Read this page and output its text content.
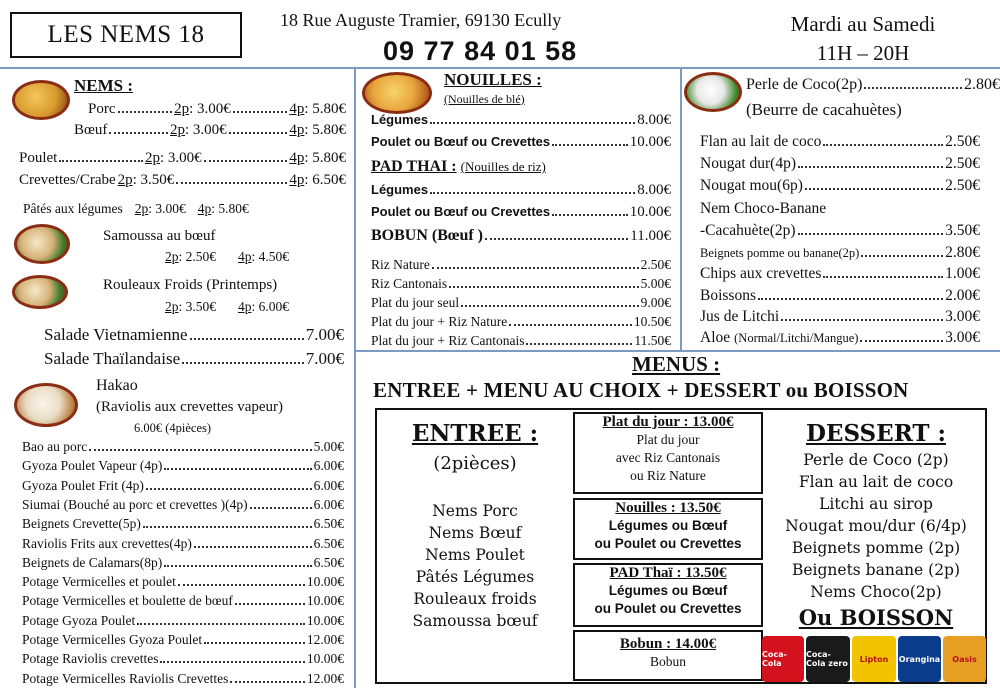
LES NEMS 18
18 Rue Auguste Tramier, 69130 Ecully
09 77 84 01 58
Mardi au Samedi
11H – 20H
NEMS :
Porc	2p : 3.00€	4p : 5.80€
Bœuf	2p : 3.00€	4p : 5.80€
Poulet	2p : 3.00€	4p : 5.80€
Crevettes/Crabe 2p : 3.50€	4p : 6.50€
Pâtés aux légumes 2p : 3.00€ 4p : 5.80€
Samoussa au bœuf
2p : 2.50€ 4p : 4.50€
Rouleaux Froids (Printemps)
2p : 3.50€ 4p : 6.00€
Salade Vietnamienne	7.00€
Salade Thaïlandaise	7.00€
Hakao
(Raviolis aux crevettes vapeur)
6.00€ (4pièces)
Bao au porc	5.00€
Gyoza Poulet Vapeur (4p)	6.00€
Gyoza Poulet Frit (4p)	6.00€
Siumai (Bouché au porc et crevettes )(4p)	6.00€
Beignets Crevette(5p)	6.50€
Raviolis Frits aux crevettes(4p)	6.50€
Beignets de Calamars(8p)	6.50€
Potage Vermicelles et poulet	10.00€
Potage Vermicelles et boulette de bœuf	10.00€
Potage Gyoza Poulet	10.00€
Potage Vermicelles Gyoza Poulet	12.00€
Potage Raviolis crevettes	10.00€
Potage Vermicelles Raviolis Crevettes	12.00€
NOUILLES :
(Nouilles de blé)
Légumes	8.00€
Poulet ou Bœuf ou Crevettes	10.00€
PAD THAI : (Nouilles de riz)
Légumes	8.00€
Poulet ou Bœuf ou Crevettes	10.00€
BOBUN (Bœuf )	11.00€
Riz Nature	2.50€
Riz Cantonais	5.00€
Plat du jour seul	9.00€
Plat du jour + Riz Nature	10.50€
Plat du jour + Riz Cantonais	11.50€
Perle de Coco(2p)	2.80€
(Beurre de cacahuètes)
Flan au lait de coco	2.50€
Nougat dur(4p)	2.50€
Nougat mou(6p)	2.50€
Nem Choco-Banane
-Cacahuète(2p)	3.50€
Beignets pomme ou banane(2p)	2.80€
Chips aux crevettes	1.00€
Boissons	2.00€
Jus de Litchi	3.00€
Aloe (Normal/Litchi/Mangue)	3.00€
MENUS :
ENTREE + MENU AU CHOIX + DESSERT ou BOISSON
ENTREE :
(2pièces)
Nems Porc
Nems Bœuf
Nems Poulet
Pâtés Légumes
Rouleaux froids
Samoussa bœuf
Plat du jour : 13.00€
Plat du jour
avec Riz Cantonais
ou Riz Nature
Nouilles : 13.50€
Légumes ou Bœuf
ou Poulet ou Crevettes
PAD Thaï : 13.50€
Légumes ou Bœuf
ou Poulet ou Crevettes
Bobun : 14.00€
Bobun
DESSERT :
Perle de Coco (2p)
Flan au lait de coco
Litchi au sirop
Nougat mou/dur (6/4p)
Beignets pomme (2p)
Beignets banane (2p)
Nems Choco(2p)
Ou BOISSON
Coca-Cola
Coca-Cola zero	Lipton	Orangina	Oasis
